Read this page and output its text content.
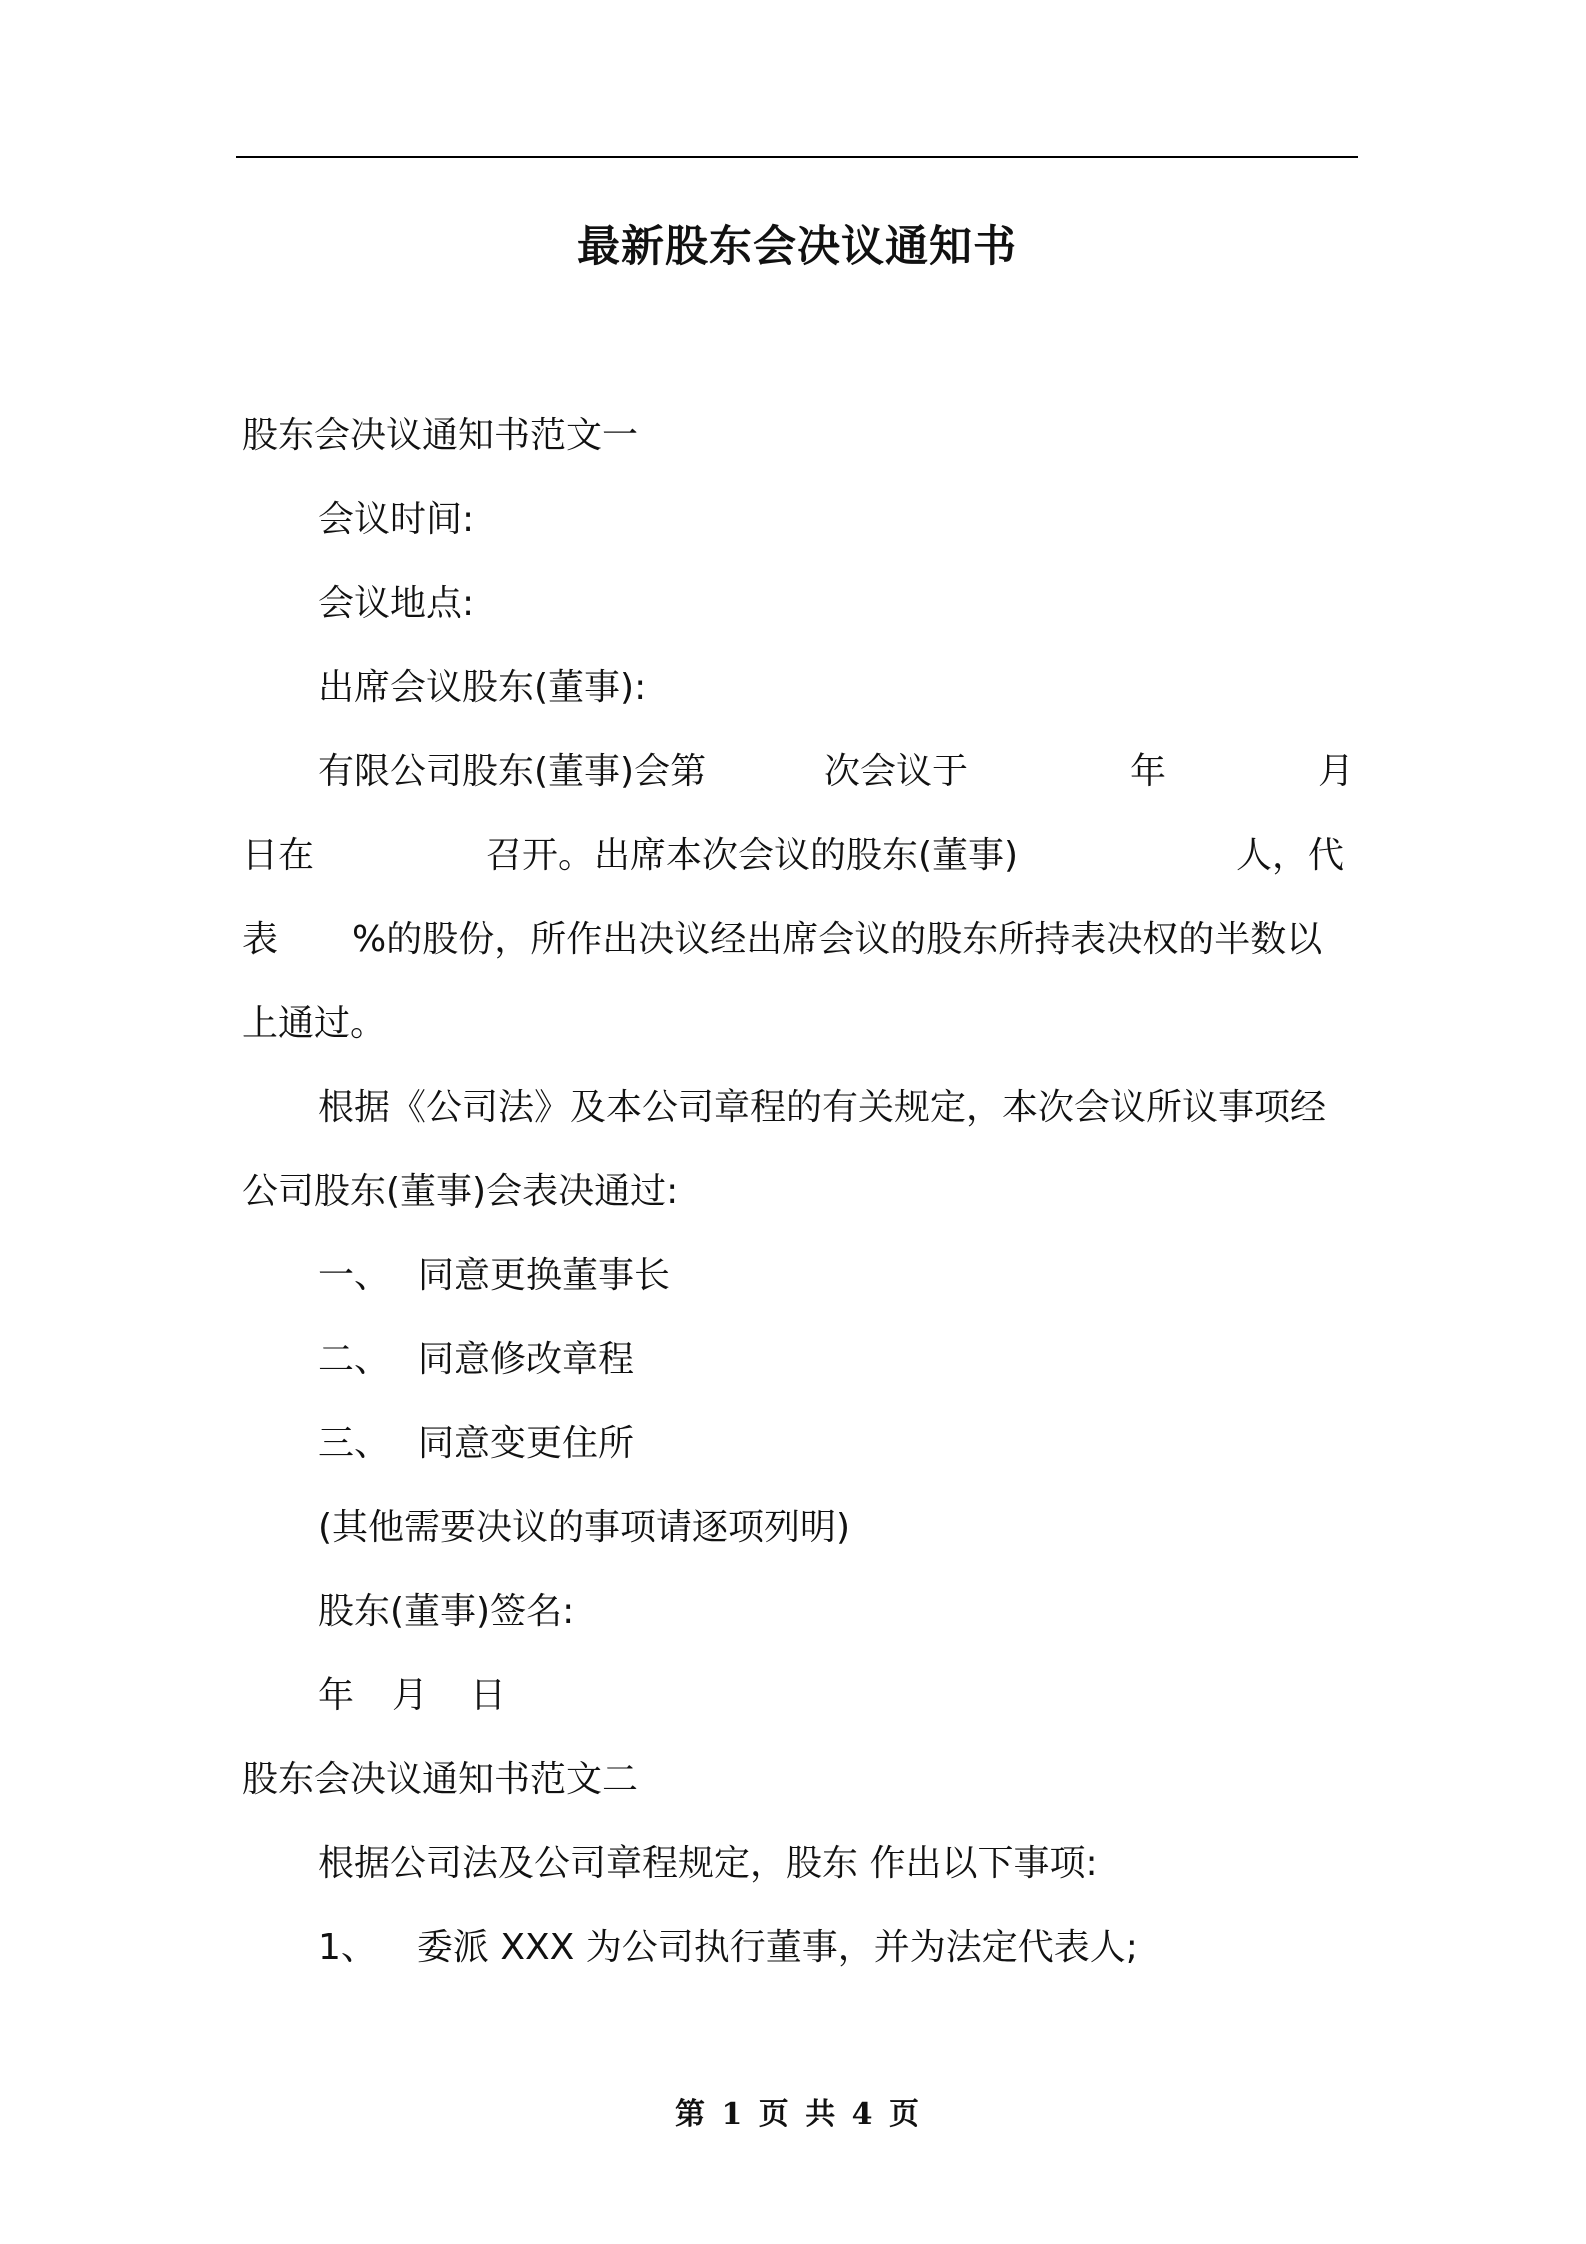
最新股东会决议通知书
股东会决议通知书范文一
会议时间:
会议地点:
出席会议股东(董事):
有限公司股东(董事)会第	次会议于	年	月
日在	召开。出席本次会议的股东(董事)	人，代
表 %的股份，所作出决议经出席会议的股东所持表决权的半数以
上通过。
根据《公司法》及本公司章程的有关规定，本次会议所议事项经
公司股东(董事)会表决通过:
一、 同意更换董事长
二、 同意修改章程
三、 同意变更住所
(其他需要决议的事项请逐项列明)
股东(董事)签名:
年 月 日
股东会决议通知书范文二
根据公司法及公司章程规定，股东 作出以下事项:
1、 委派 XXX 为公司执行董事，并为法定代表人;
第 1 页 共 4 页
